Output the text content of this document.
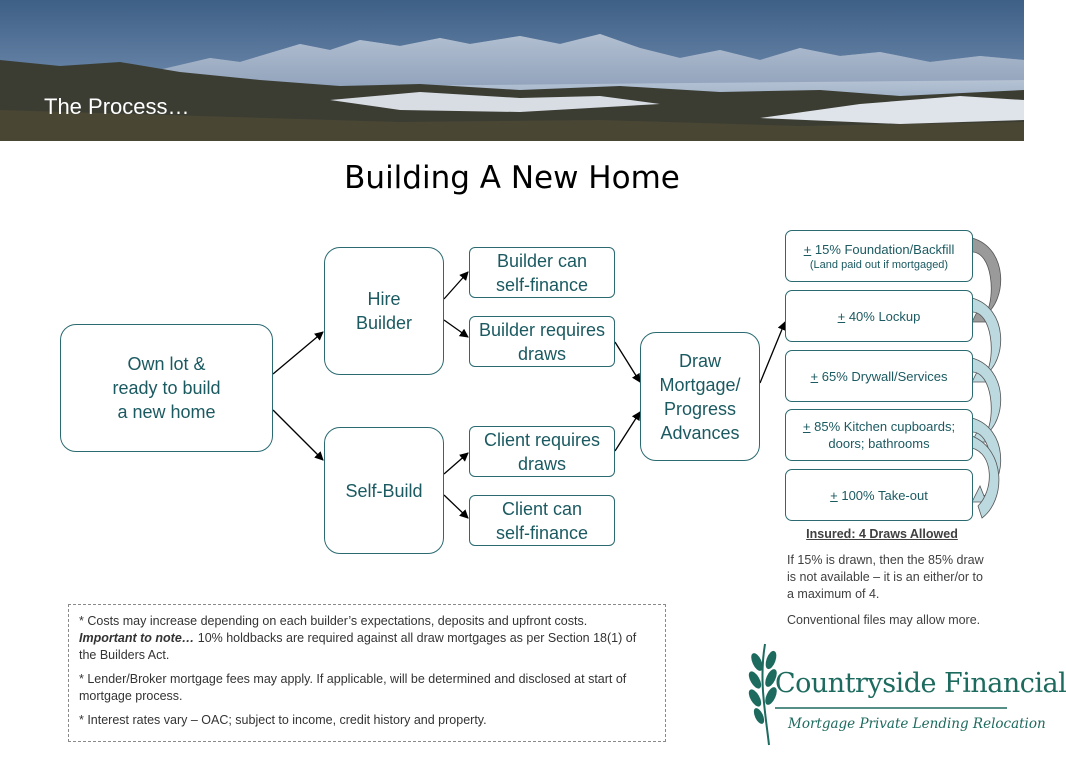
The Process…
Building A New Home
Own lot &
ready to build
a new home
Hire
Builder
Self-Build
Builder can
self-finance
Builder requires
draws
Client requires
draws
Client can
self-finance
Draw
Mortgage/
Progress
Advances
+ 15% Foundation/Backfill
(Land paid out if mortgaged)
+ 40% Lockup
+ 65% Drywall/Services
+ 85% Kitchen cupboards;
doors; bathrooms
+ 100% Take-out
Insured: 4 Draws Allowed
If 15% is drawn, then the 85% draw is not available – it is an either/or to a maximum of 4.
Conventional files may allow more.

* Costs may increase depending on each builder’s expectations, deposits and upfront costs.
Important to note… 10% holdbacks are required against all draw mortgages as per Section 18(1) of the Builders Act.

* Lender/Broker mortgage fees may apply. If applicable, will be determined and disclosed at start of mortgage process.

* Interest rates vary – OAC; subject to income, credit history and property.

Countryside Financial
Mortgage Private Lending Relocation
